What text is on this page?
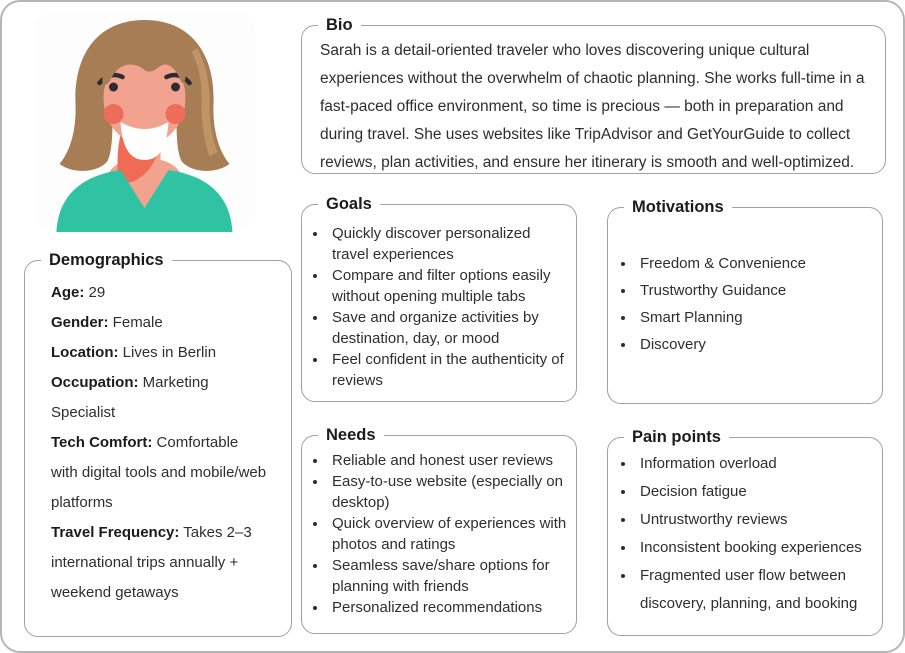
Bio

Sarah is a detail-oriented traveler who loves discovering unique cultural experiences without the overwhelm of chaotic planning. She works full-time in a fast-paced office environment, so time is precious — both in preparation and during travel. She uses websites like TripAdvisor and GetYourGuide to collect reviews, plan activities, and ensure her itinerary is smooth and well-optimized.

Demographics

Age: 29

Gender: Female

Location: Lives in Berlin

Occupation: Marketing Specialist

Tech Comfort: Comfortable with digital tools and mobile/web platforms

Travel Frequency: Takes 2–3 international trips annually + weekend getaways

Goals
• Quickly discover personalized travel experiences
• Compare and filter options easily without opening multiple tabs
• Save and organize activities by destination, day, or mood
• Feel confident in the authenticity of reviews
Motivations
• Freedom & Convenience
• Trustworthy Guidance
• Smart Planning
• Discovery
Needs
• Reliable and honest user reviews
• Easy-to-use website (especially on desktop)
• Quick overview of experiences with photos and ratings
• Seamless save/share options for planning with friends
• Personalized recommendations
Pain points
• Information overload
• Decision fatigue
• Untrustworthy reviews
• Inconsistent booking experiences
• Fragmented user flow between discovery, planning, and booking
